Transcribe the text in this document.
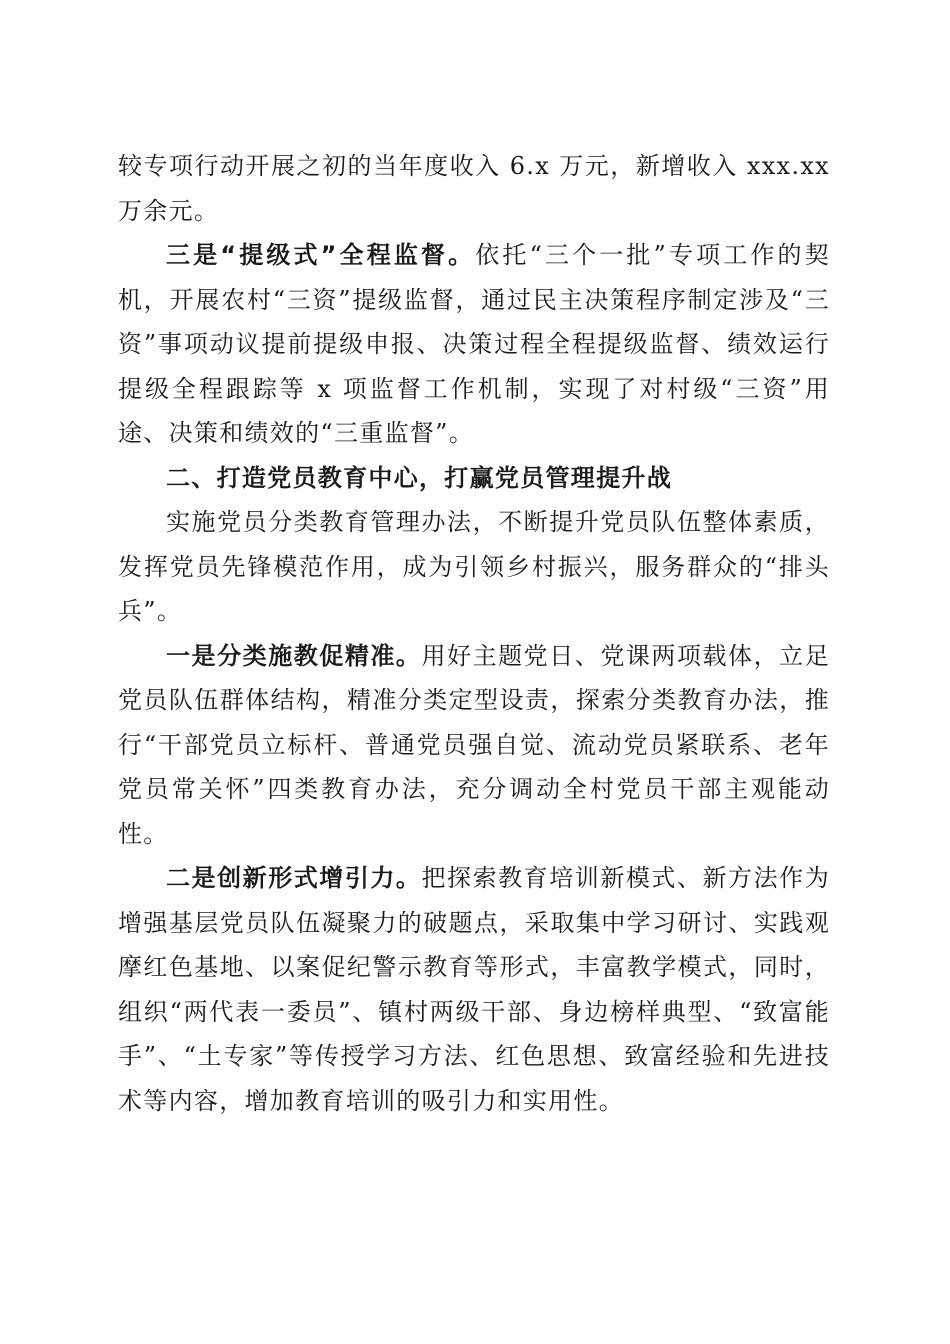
较专项行动开展之初的当年度收入 6.x 万元，新增收入 xxx.xx 万余元。

三是“提级式”全程监督。依托“三个一批”专项工作的契机，开展农村“三资”提级监督，通过民主决策程序制定涉及“三资”事项动议提前提级申报、决策过程全程提级监督、绩效运行提级全程跟踪等 x 项监督工作机制，实现了对村级“三资”用途、决策和绩效的“三重监督”。

二、打造党员教育中心，打赢党员管理提升战

实施党员分类教育管理办法，不断提升党员队伍整体素质，发挥党员先锋模范作用，成为引领乡村振兴，服务群众的“排头兵”。

一是分类施教促精准。用好主题党日、党课两项载体，立足党员队伍群体结构，精准分类定型设责，探索分类教育办法，推行“干部党员立标杆、普通党员强自觉、流动党员紧联系、老年党员常关怀”四类教育办法，充分调动全村党员干部主观能动性。

二是创新形式增引力。把探索教育培训新模式、新方法作为增强基层党员队伍凝聚力的破题点，采取集中学习研讨、实践观摩红色基地、以案促纪警示教育等形式，丰富教学模式，同时，组织“两代表一委员”、镇村两级干部、身边榜样典型、“致富能手”、“土专家”等传授学习方法、红色思想、致富经验和先进技术等内容，增加教育培训的吸引力和实用性。
